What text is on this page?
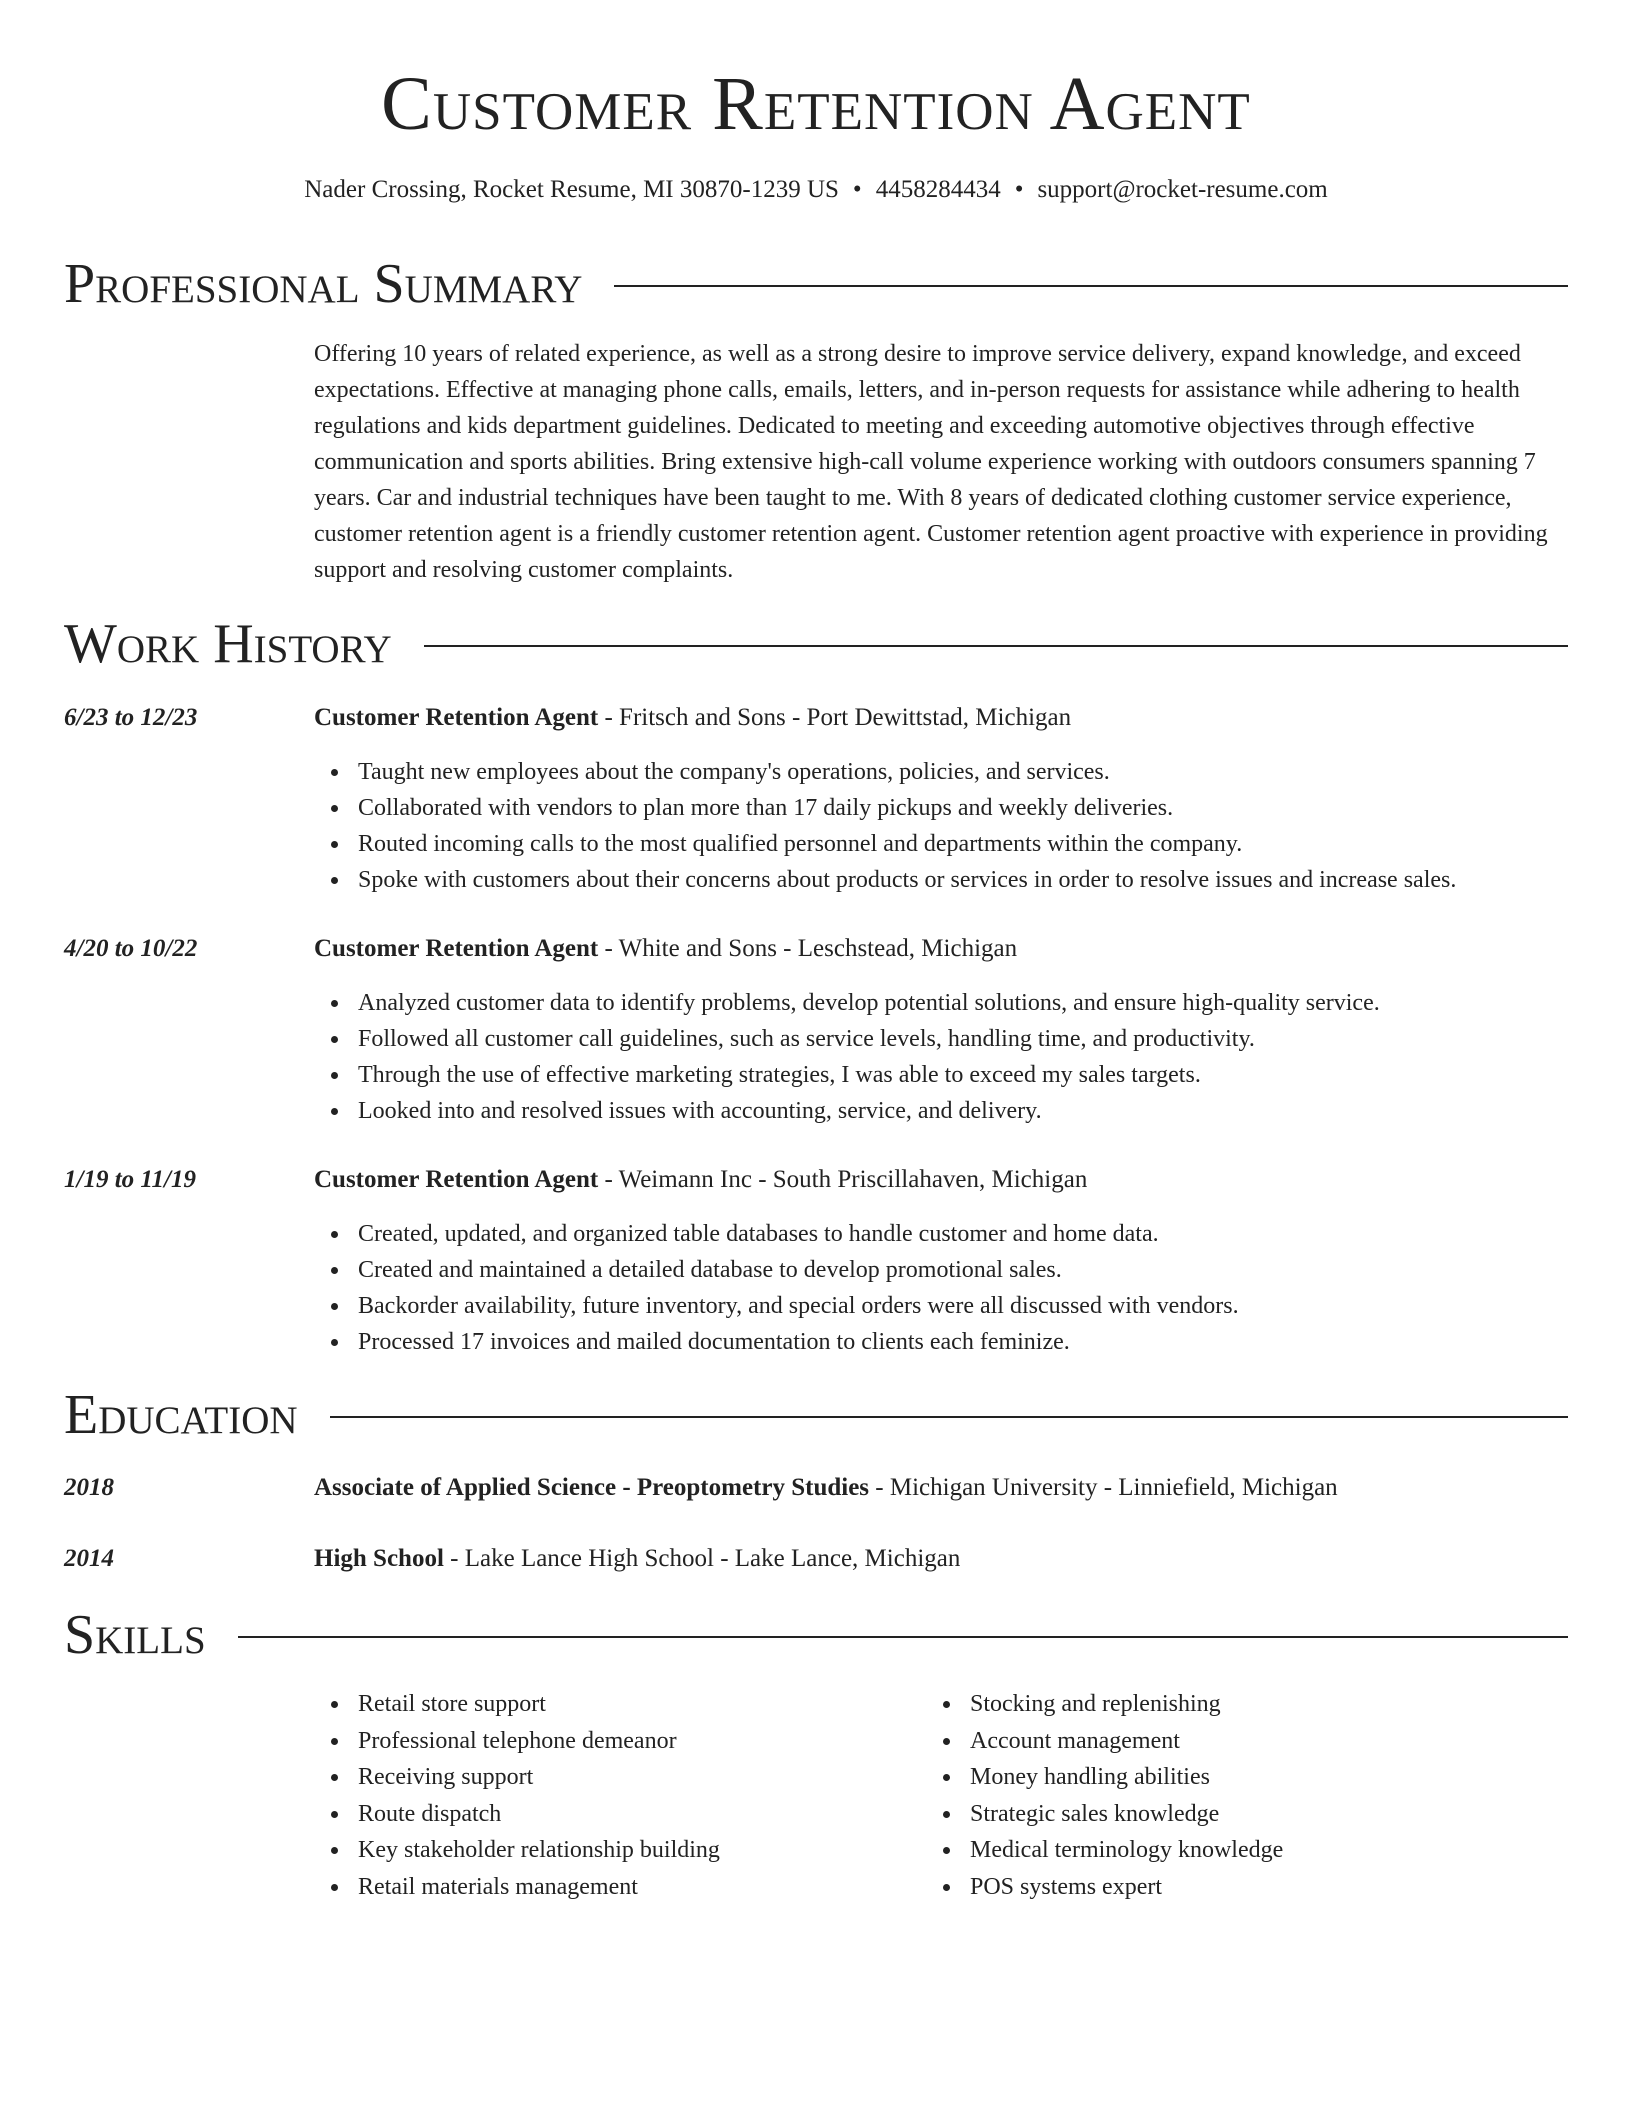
Customer Retention Agent
Nader Crossing, Rocket Resume, MI 30870-1239 US • 4458284434 • support@rocket-resume.com
Professional Summary

Offering 10 years of related experience, as well as a strong desire to improve service delivery, expand knowledge, and exceed expectations. Effective at managing phone calls, emails, letters, and in-person requests for assistance while adhering to health regulations and kids department guidelines. Dedicated to meeting and exceeding automotive objectives through effective communication and sports abilities. Bring extensive high-call volume experience working with outdoors consumers spanning 7 years. Car and industrial techniques have been taught to me. With 8 years of dedicated clothing customer service experience, customer retention agent is a friendly customer retention agent. Customer retention agent proactive with experience in providing support and resolving customer complaints.

Work History
6/23 to 12/23	Customer Retention Agent - Fritsch and Sons - Port Dewittstad, Michigan
Taught new employees about the company's operations, policies, and services.
Collaborated with vendors to plan more than 17 daily pickups and weekly deliveries.
Routed incoming calls to the most qualified personnel and departments within the company.
Spoke with customers about their concerns about products or services in order to resolve issues and increase sales.
4/20 to 10/22	Customer Retention Agent - White and Sons - Leschstead, Michigan
Analyzed customer data to identify problems, develop potential solutions, and ensure high-quality service.
Followed all customer call guidelines, such as service levels, handling time, and productivity.
Through the use of effective marketing strategies, I was able to exceed my sales targets.
Looked into and resolved issues with accounting, service, and delivery.
1/19 to 11/19	Customer Retention Agent - Weimann Inc - South Priscillahaven, Michigan
Created, updated, and organized table databases to handle customer and home data.
Created and maintained a detailed database to develop promotional sales.
Backorder availability, future inventory, and special orders were all discussed with vendors.
Processed 17 invoices and mailed documentation to clients each feminize.
Education
2018	Associate of Applied Science - Preoptometry Studies - Michigan University - Linniefield, Michigan
2014	High School - Lake Lance High School - Lake Lance, Michigan
Skills
Retail store support
Professional telephone demeanor
Receiving support
Route dispatch
Key stakeholder relationship building
Retail materials management
Stocking and replenishing
Account management
Money handling abilities
Strategic sales knowledge
Medical terminology knowledge
POS systems expert
